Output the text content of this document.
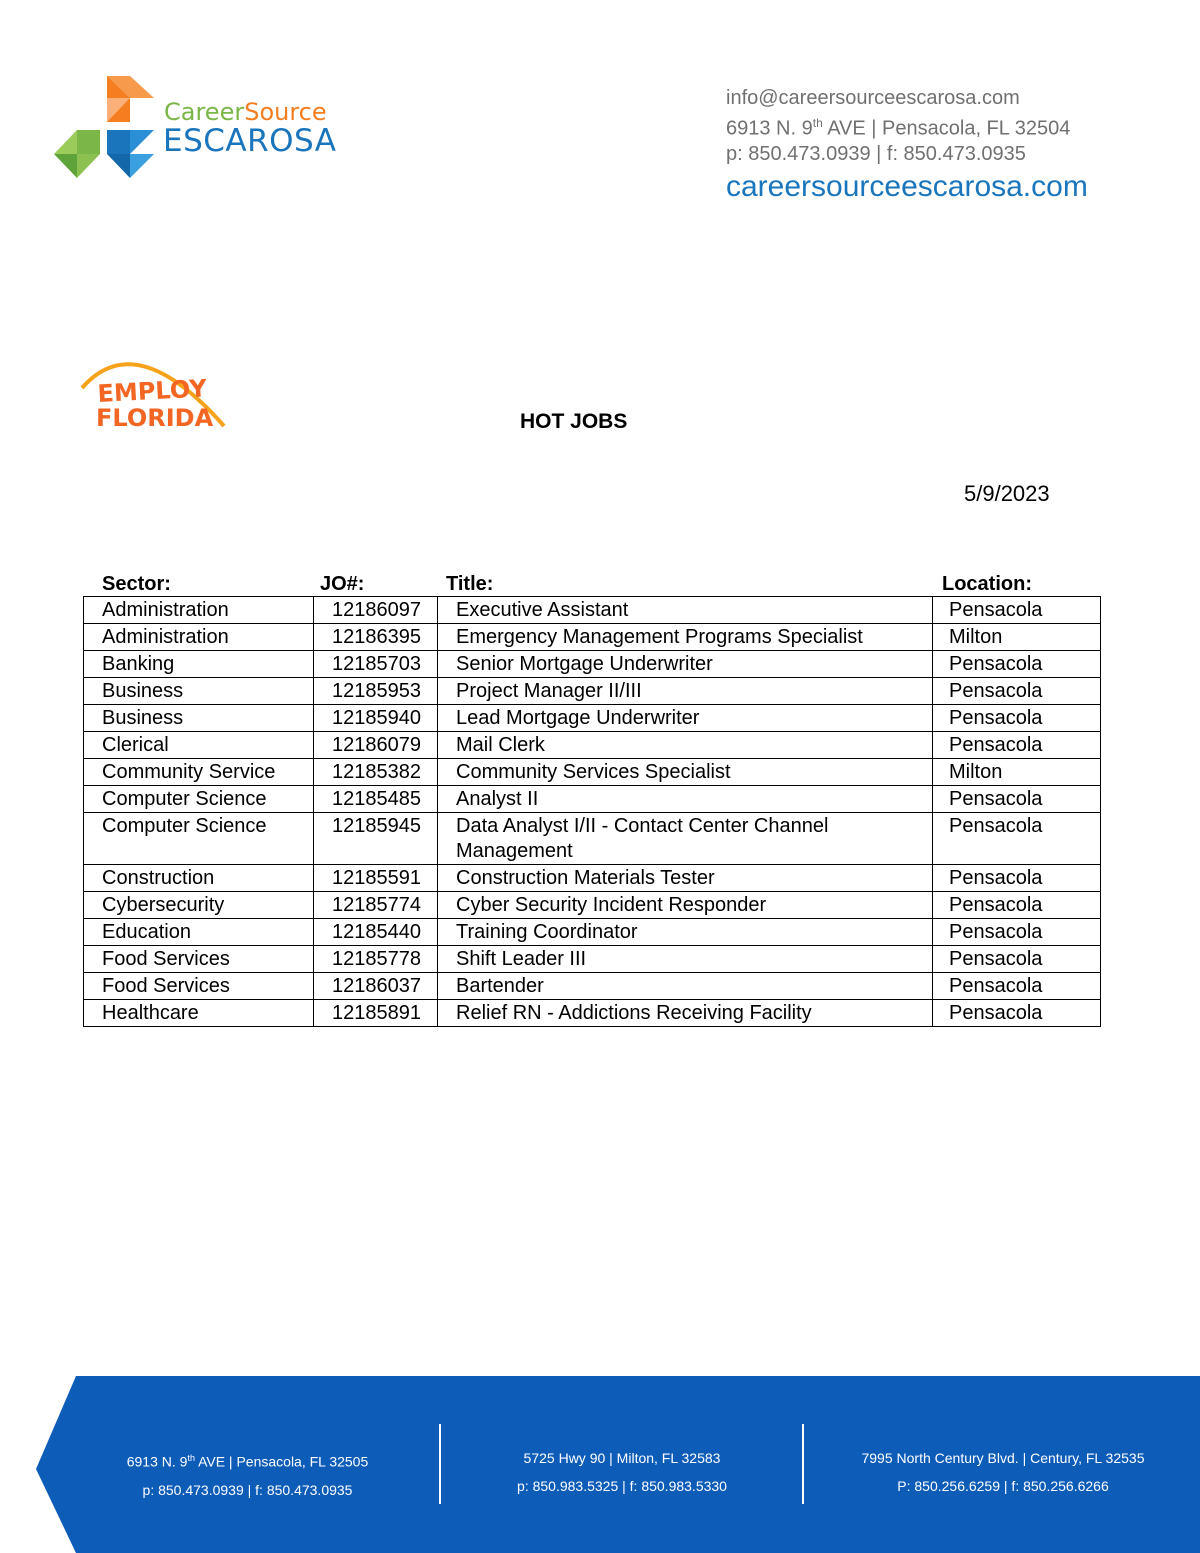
CareerSource
ESCAROSA
info@careersourceescarosa.com
6913 N. 9th AVE | Pensacola, FL 32504
p: 850.473.0939 | f: 850.473.0935
careersourceescarosa.com
EMPLOY
FLORIDA	HOT JOBS
5/9/2023
Sector:	JO#:	Title:	Location:
Administration	12186097	Executive Assistant	Pensacola
Administration	12186395	Emergency Management Programs Specialist	Milton
Banking	12185703	Senior Mortgage Underwriter	Pensacola
Business	12185953	Project Manager II/III	Pensacola
Business	12185940	Lead Mortgage Underwriter	Pensacola
Clerical	12186079	Mail Clerk	Pensacola
Community Service	12185382	Community Services Specialist	Milton
Computer Science	12185485	Analyst II	Pensacola
Computer Science	12185945	Data Analyst I/II - Contact Center Channel Management	Pensacola
Construction	12185591	Construction Materials Tester	Pensacola
Cybersecurity	12185774	Cyber Security Incident Responder	Pensacola
Education	12185440	Training Coordinator	Pensacola
Food Services	12185778	Shift Leader III	Pensacola
Food Services	12186037	Bartender	Pensacola
Healthcare	12185891	Relief RN - Addictions Receiving Facility	Pensacola
6913 N. 9th AVE | Pensacola, FL 32505
p: 850.473.0939 | f: 850.473.0935
5725 Hwy 90 | Milton, FL 32583
p: 850.983.5325 | f: 850.983.5330
7995 North Century Blvd. | Century, FL 32535
P: 850.256.6259 | f: 850.256.6266
